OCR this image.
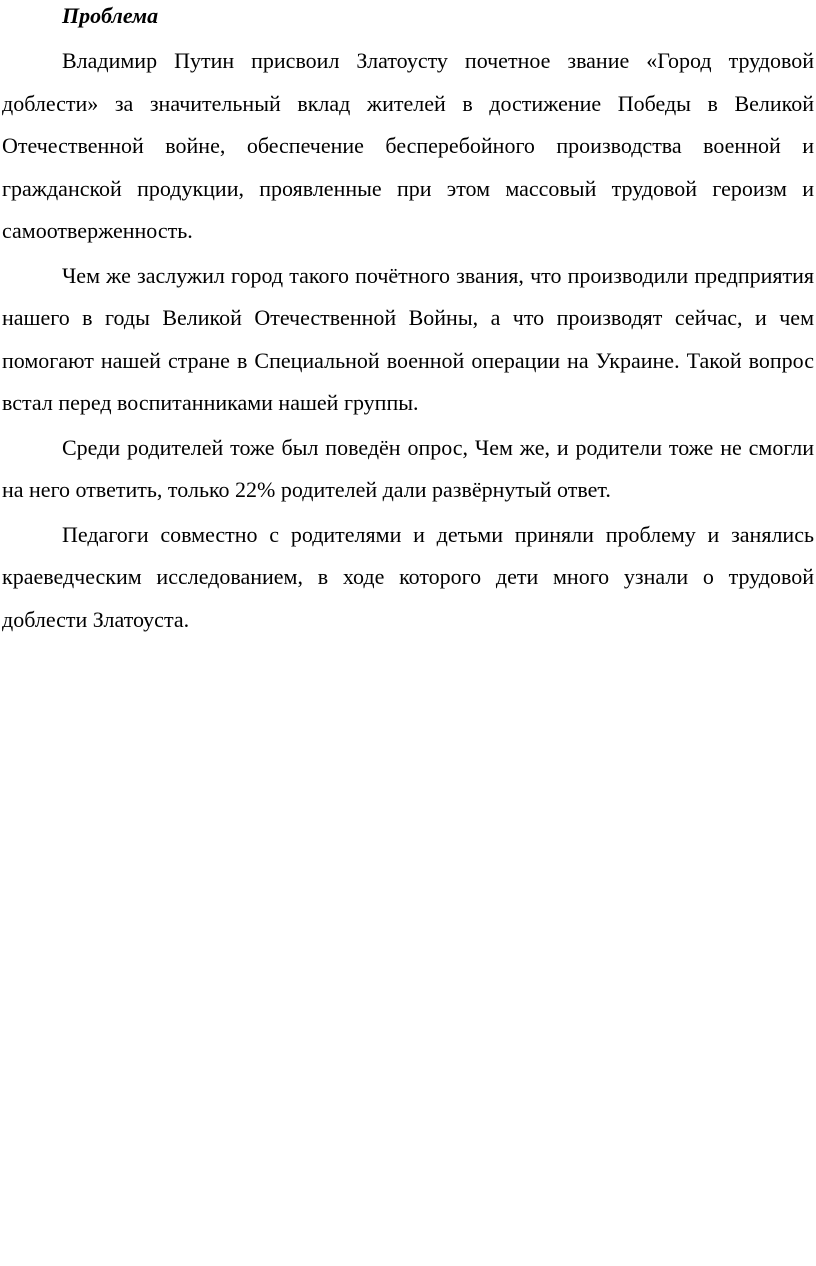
Проблема

Владимир Путин присвоил Златоусту почетное звание «Город трудовой доблести» за значительный вклад жителей в достижение Победы в Великой Отечественной войне, обеспечение бесперебойного производства военной и гражданской продукции, проявленные при этом массовый трудовой героизм и самоотверженность.

Чем же заслужил город такого почётного звания, что производили предприятия нашего в годы Великой Отечественной Войны, а что производят сейчас, и чем помогают нашей стране в Специальной военной операции на Украине. Такой вопрос встал перед воспитанниками нашей группы.

Среди родителей тоже был поведён опрос, Чем же, и родители тоже не смогли на него ответить, только 22% родителей дали развёрнутый ответ.

Педагоги совместно с родителями и детьми приняли проблему и занялись краеведческим исследованием, в ходе которого дети много узнали о трудовой доблести Златоуста.
